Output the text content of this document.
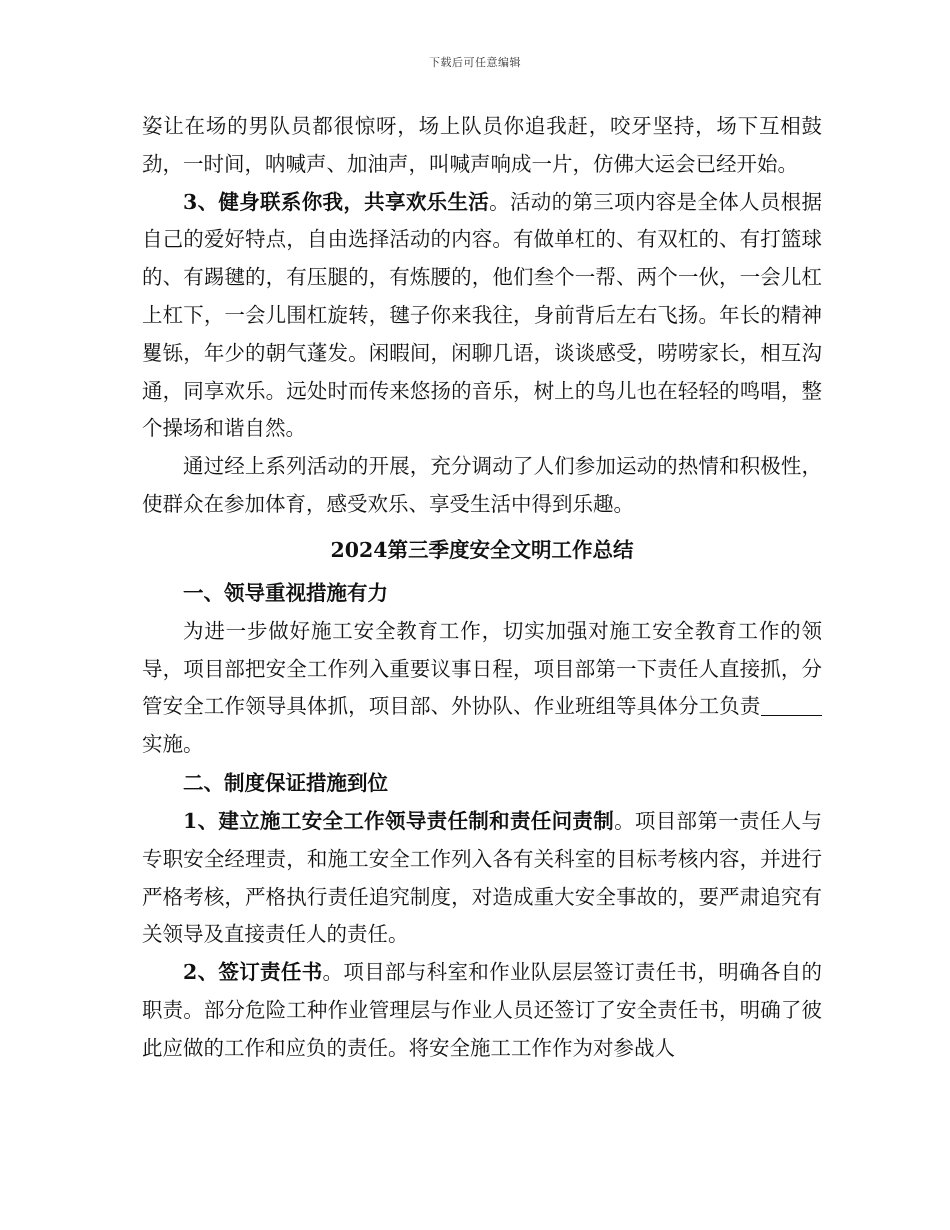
下载后可任意编辑

姿让在场的男队员都很惊呀，场上队员你追我赶，咬牙坚持，场下互相鼓劲，一时间，呐喊声、加油声，叫喊声响成一片，仿佛大运会已经开始。

3、健身联系你我，共享欢乐生活。活动的第三项内容是全体人员根据自己的爱好特点，自由选择活动的内容。有做单杠的、有双杠的、有打篮球的、有踢毽的，有压腿的，有炼腰的，他们叁个一帮、两个一伙，一会儿杠上杠下，一会儿围杠旋转，毽子你来我往，身前背后左右飞扬。年长的精神矍铄，年少的朝气蓬发。闲暇间，闲聊几语，谈谈感受，唠唠家长，相互沟通，同享欢乐。远处时而传来悠扬的音乐，树上的鸟儿也在轻轻的鸣唱，整个操场和谐自然。

通过经上系列活动的开展，充分调动了人们参加运动的热情和积极性，使群众在参加体育，感受欢乐、享受生活中得到乐趣。

2024第三季度安全文明工作总结

一、领导重视措施有力

为进一步做好施工安全教育工作，切实加强对施工安全教育工作的领导，项目部把安全工作列入重要议事日程，项目部第一下责任人直接抓，分管安全工作领导具体抓，项目部、外协队、作业班组等具体分工负责实施。

二、制度保证措施到位

1、建立施工安全工作领导责任制和责任问责制。项目部第一责任人与专职安全经理责，和施工安全工作列入各有关科室的目标考核内容，并进行严格考核，严格执行责任追究制度，对造成重大安全事故的，要严肃追究有关领导及直接责任人的责任。

2、签订责任书。项目部与科室和作业队层层签订责任书，明确各自的职责。部分危险工种作业管理层与作业人员还签订了安全责任书，明确了彼此应做的工作和应负的责任。将安全施工工作作为对参战人
